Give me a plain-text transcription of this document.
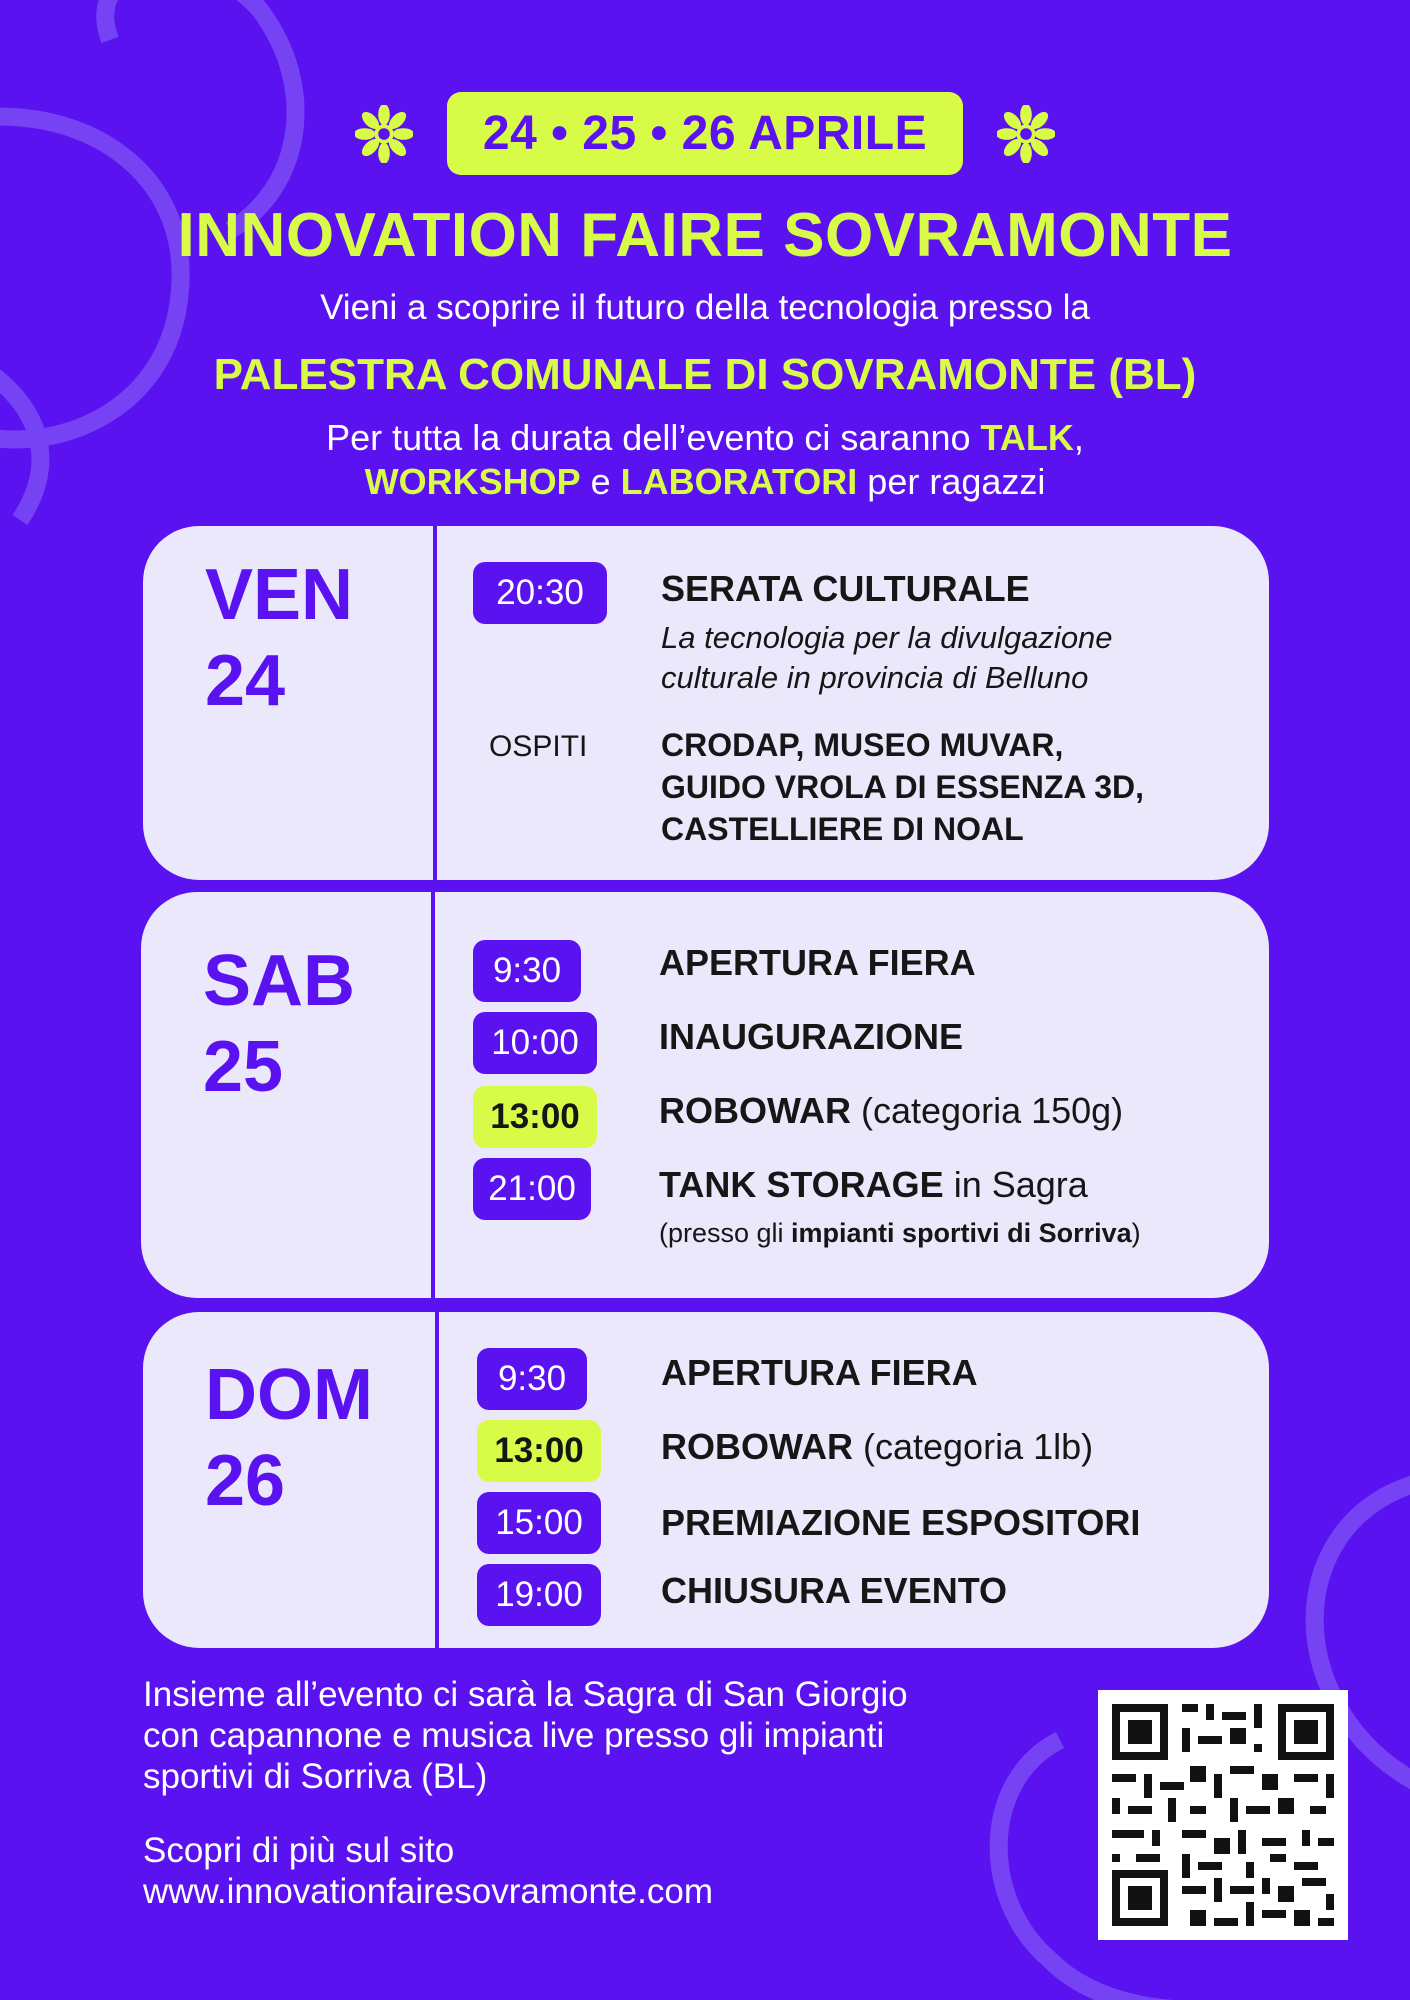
24 • 25 • 26 APRILE
INNOVATION FAIRE SOVRAMONTE
Vieni a scoprire il futuro della tecnologia presso la
PALESTRA COMUNALE DI SOVRAMONTE (BL)
Per tutta la durata dell’evento ci saranno TALK,
WORKSHOP e LABORATORI per ragazzi
VEN
24
20:30	SERATA CULTURALE
La tecnologia per la divulgazione
culturale in provincia di Belluno
OSPITI CRODAP, MUSEO MUVAR,
GUIDO VROLA DI ESSENZA 3D,
CASTELLIERE DI NOAL
SAB
25
9:30	APERTURA FIERA
10:00	INAUGURAZIONE
13:00	ROBOWAR (categoria 150g)
21:00	TANK STORAGE in Sagra
(presso gli impianti sportivi di Sorriva)
DOM
26
9:30	APERTURA FIERA
13:00	ROBOWAR (categoria 1lb)
15:00	PREMIAZIONE ESPOSITORI
19:00	CHIUSURA EVENTO
Insieme all’evento ci sarà la Sagra di San Giorgio
con capannone e musica live presso gli impianti
sportivi di Sorriva (BL)
Scopri di più sul sito
www.innovationfairesovramonte.com
